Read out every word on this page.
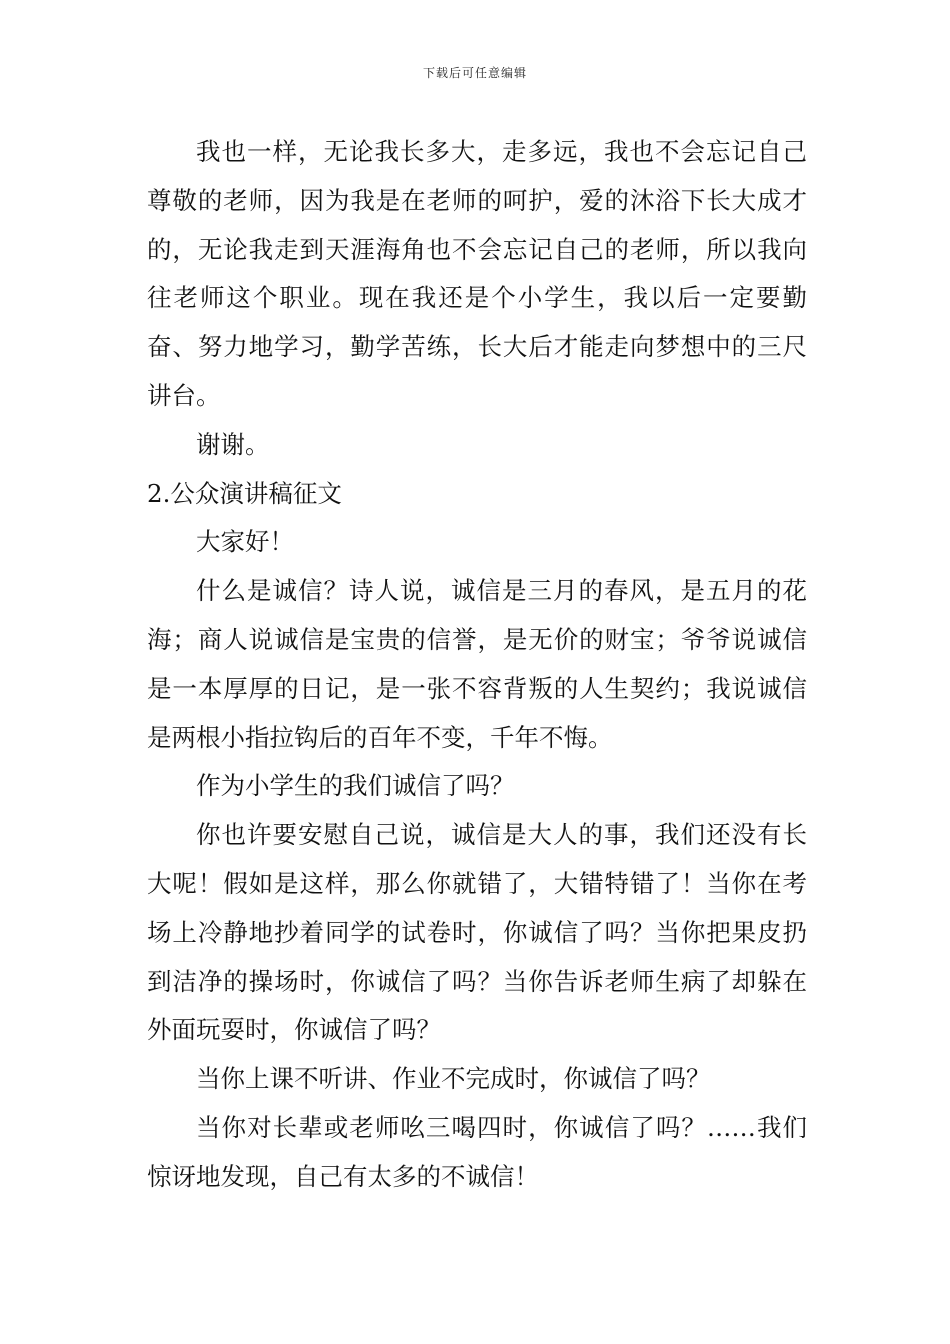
下载后可任意编辑

我也一样，无论我长多大，走多远，我也不会忘记自己尊敬的老师，因为我是在老师的呵护，爱的沐浴下长大成才的，无论我走到天涯海角也不会忘记自己的老师，所以我向往老师这个职业。现在我还是个小学生，我以后一定要勤奋、努力地学习，勤学苦练，长大后才能走向梦想中的三尺讲台。

谢谢。

2.公众演讲稿征文

大家好！

什么是诚信？诗人说，诚信是三月的春风，是五月的花海；商人说诚信是宝贵的信誉，是无价的财宝；爷爷说诚信是一本厚厚的日记，是一张不容背叛的人生契约；我说诚信是两根小指拉钩后的百年不变，千年不悔。

作为小学生的我们诚信了吗？

你也许要安慰自己说，诚信是大人的事，我们还没有长大呢！假如是这样，那么你就错了，大错特错了！当你在考场上冷静地抄着同学的试卷时，你诚信了吗？当你把果皮扔到洁净的操场时，你诚信了吗？当你告诉老师生病了却躲在外面玩耍时，你诚信了吗？

当你上课不听讲、作业不完成时，你诚信了吗？

当你对长辈或老师吆三喝四时，你诚信了吗？……我们惊讶地发现，自己有太多的不诚信！
